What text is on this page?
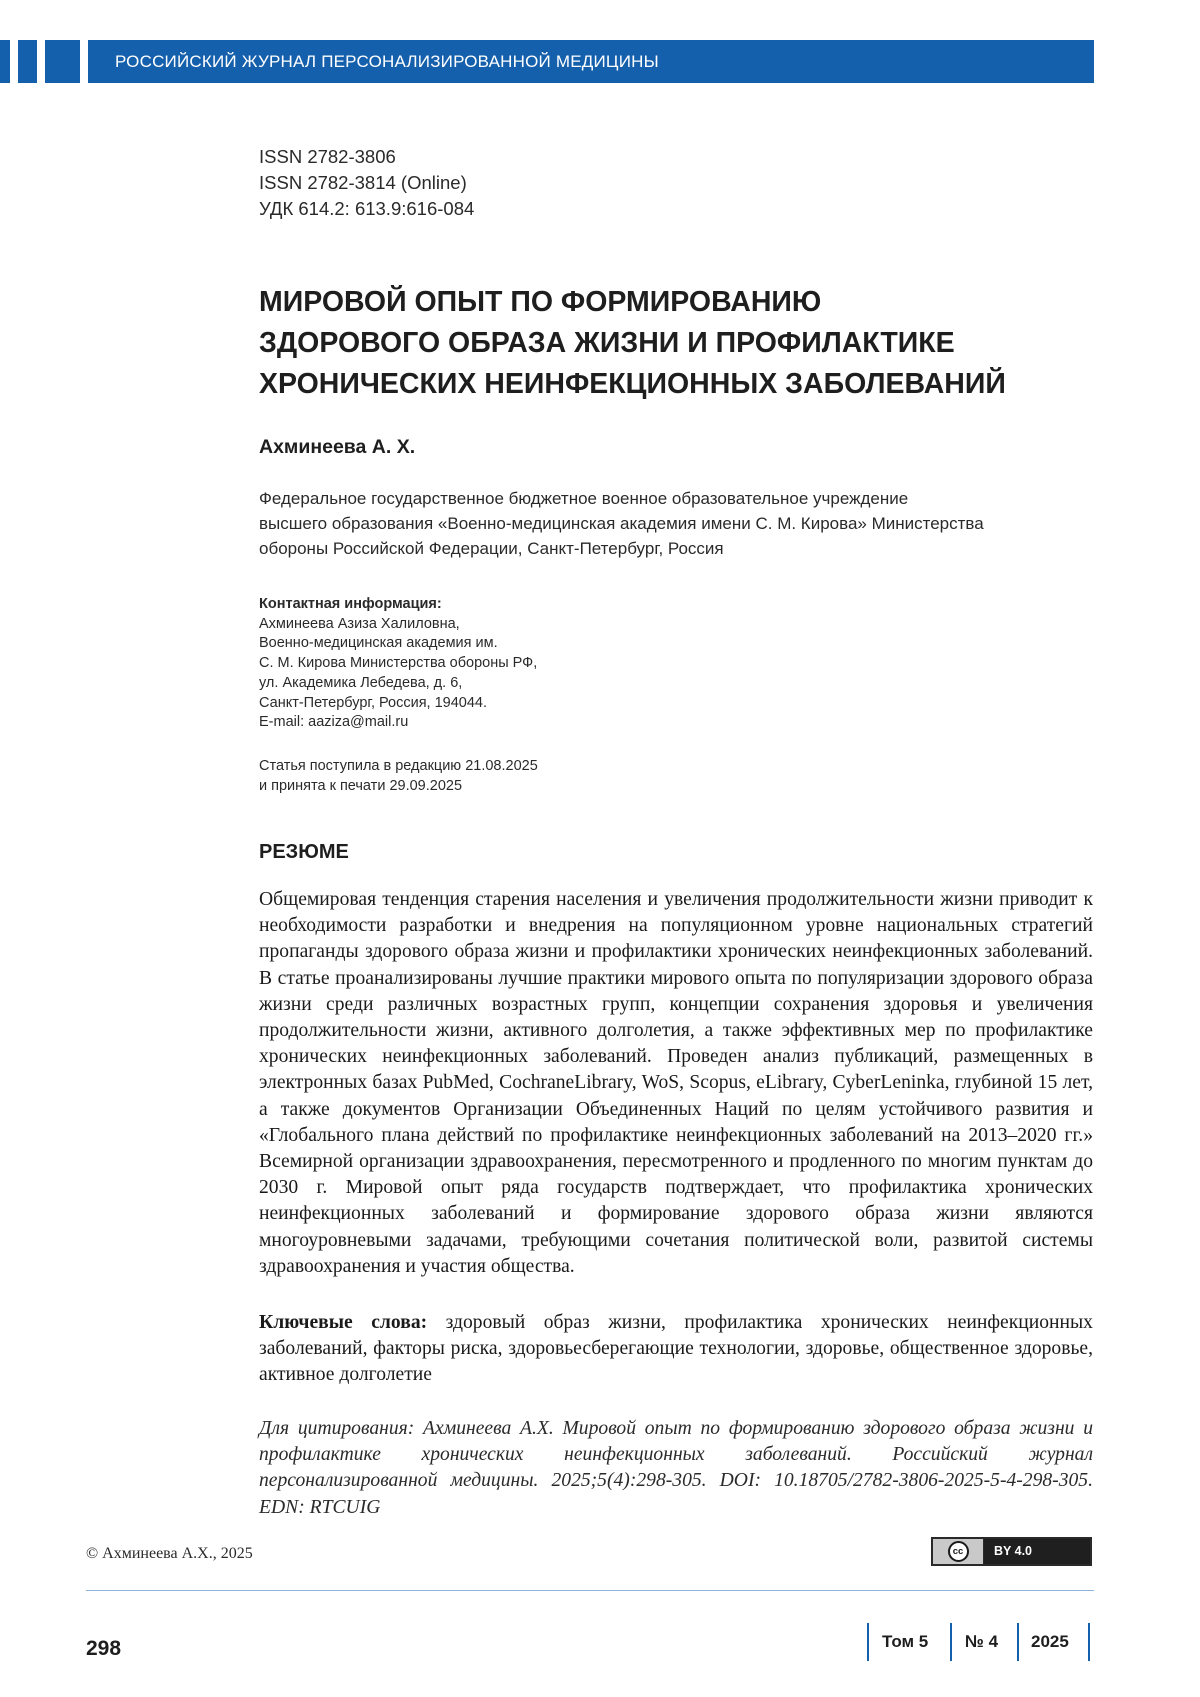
РОССИЙСКИЙ ЖУРНАЛ ПЕРСОНАЛИЗИРОВАННОЙ МЕДИЦИНЫ
ISSN 2782-3806
ISSN 2782-3814 (Online)
УДК 614.2: 613.9:616-084
МИРОВОЙ ОПЫТ ПО ФОРМИРОВАНИЮ
ЗДОРОВОГО ОБРАЗА ЖИЗНИ И ПРОФИЛАКТИКЕ
ХРОНИЧЕСКИХ НЕИНФЕКЦИОННЫХ ЗАБОЛЕВАНИЙ
Ахминеева А. Х.
Федеральное государственное бюджетное военное образовательное учреждение
высшего образования «Военно-медицинская академия имени С. М. Кирова» Министерства
обороны Российской Федерации, Санкт-Петербург, Россия
Контактная информация:
Ахминеева Азиза Халиловна,
Военно-медицинская академия им.
С. М. Кирова Министерства обороны РФ,
ул. Академика Лебедева, д. 6,
Санкт-Петербург, Россия, 194044.
E-mail: aaziza@mail.ru
Статья поступила в редакцию 21.08.2025
и принята к печати 29.09.2025
РЕЗЮМЕ

Общемировая тенденция старения населения и увеличения продолжительности жизни приводит к необходимости разработки и внедрения на популяционном уровне национальных стратегий пропаганды здорового образа жизни и профилактики хронических неинфекционных заболеваний. В статье проанализированы лучшие практики мирового опыта по популяризации здорового образа жизни среди различных возрастных групп, концепции сохранения здоровья и увеличения продолжительности жизни, активного долголетия, а также эффективных мер по профилактике хронических неинфекционных заболеваний. Проведен анализ публикаций, размещенных в электронных базах PubMed, CochraneLibrary, WoS, Scopus, eLibrary, CyberLeninka, глубиной 15 лет, а также документов Организации Объединенных Наций по целям устойчивого развития и «Глобального плана действий по профилактике неинфекционных заболеваний на 2013–2020 гг.» Всемирной организации здравоохранения, пересмотренного и продленного по многим пунктам до 2030 г. Мировой опыт ряда государств подтверждает, что профилактика хронических неинфекционных заболеваний и формирование здорового образа жизни являются многоуровневыми задачами, требующими сочетания политической воли, развитой системы здравоохранения и участия общества.

Ключевые слова: здоровый образ жизни, профилактика хронических неинфекционных заболеваний, факторы риска, здоровьесберегающие технологии, здоровье, общественное здоровье, активное долголетие

Для цитирования: Ахминеева А.Х. Мировой опыт по формированию здорового образа жизни и профилактике хронических неинфекционных заболеваний. Российский журнал персонализированной медицины. 2025;5(4):298-305. DOI: 10.18705/2782-3806-2025-5-4-298-305. EDN: RTCUIG

© Ахминеева А.Х., 2025	cc	BY 4.0
298	Том 5 № 4 2025
